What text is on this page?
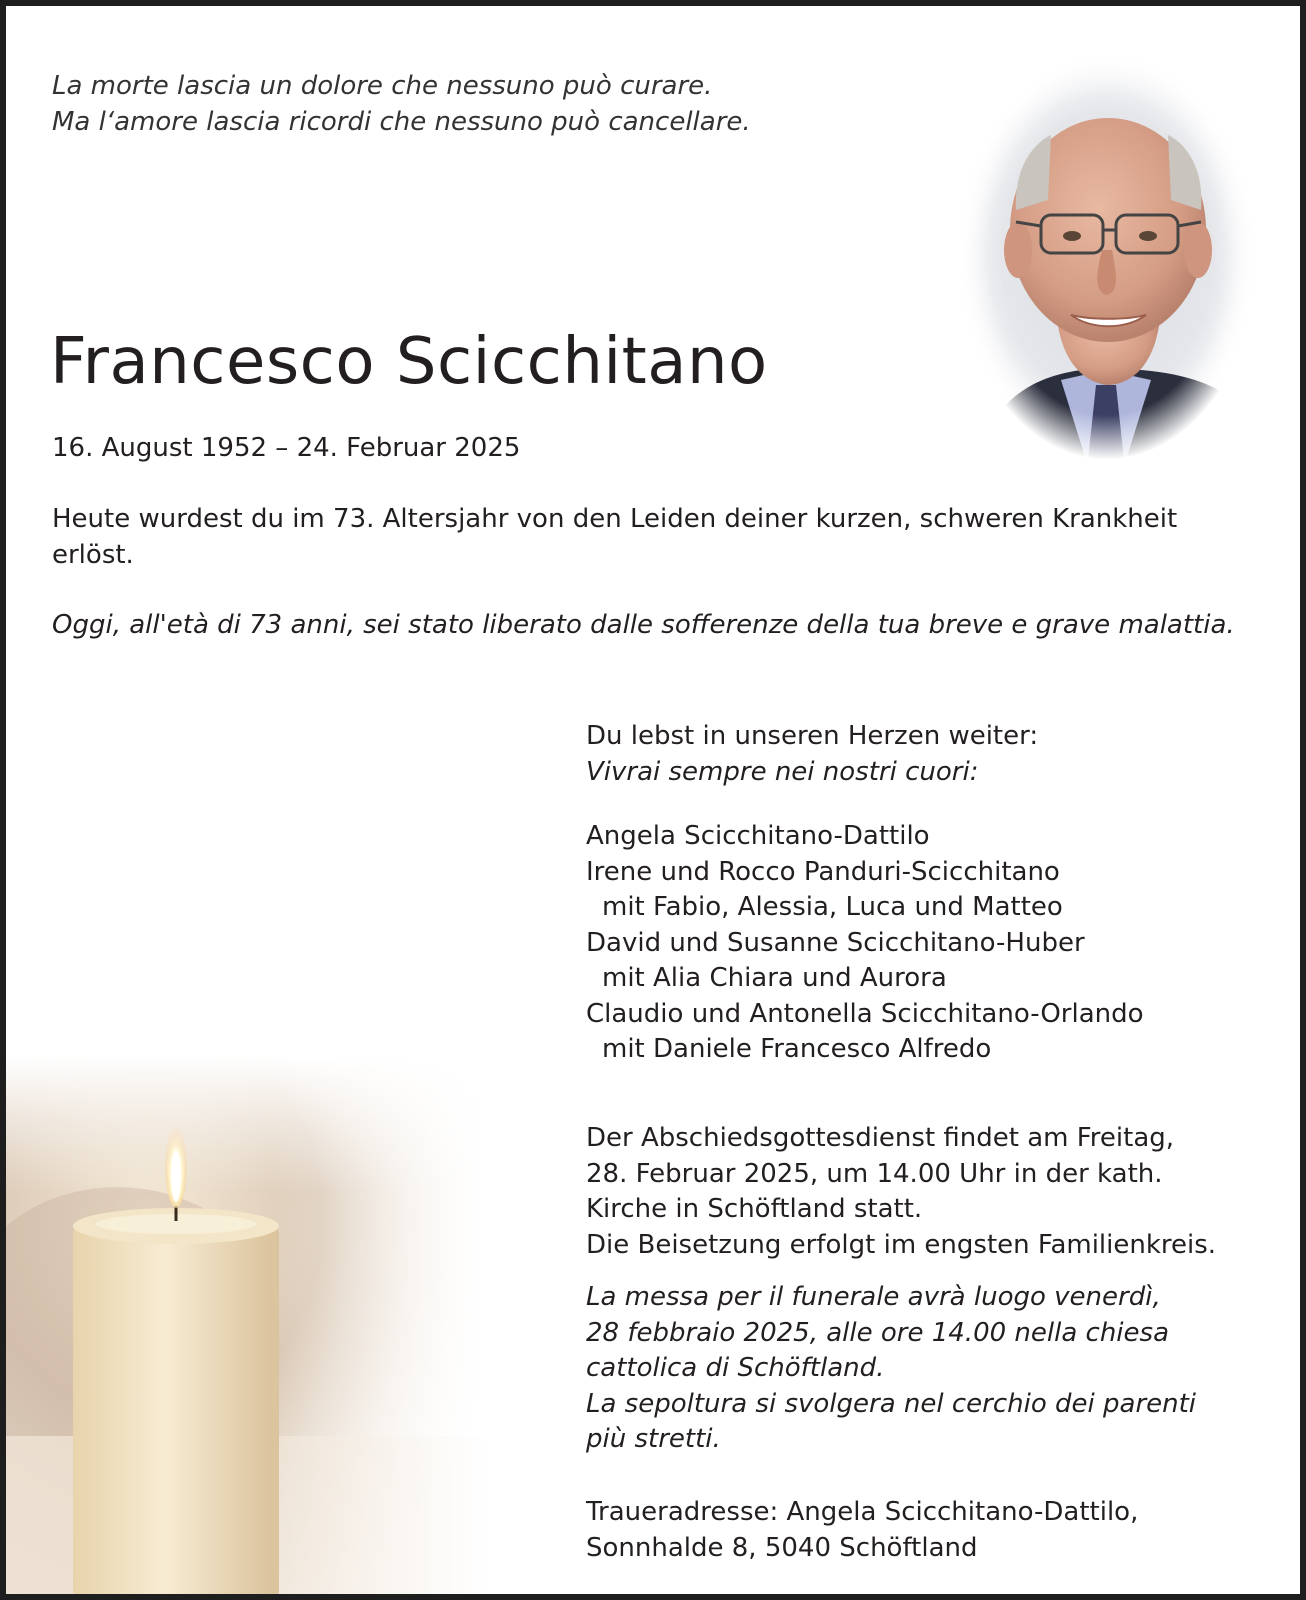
La morte lascia un dolore che nessuno può curare.
Ma l‘amore lascia ricordi che nessuno può cancellare.
Francesco Scicchitano
16. August 1952 – 24. Februar 2025
Heute wurdest du im 73. Altersjahr von den Leiden deiner kurzen, schweren Krankheit erlöst.
Oggi, all'età di 73 anni, sei stato liberato dalle sofferenze della tua breve e grave malattia.
Du lebst in unseren Herzen weiter:
Vivrai sempre nei nostri cuori:
Angela Scicchitano-Dattilo
Irene und Rocco Panduri-Scicchitano
mit Fabio, Alessia, Luca und Matteo
David und Susanne Scicchitano-Huber
mit Alia Chiara und Aurora
Claudio und Antonella Scicchitano-Orlando
mit Daniele Francesco Alfredo
Der Abschiedsgottesdienst findet am Freitag,
28. Februar 2025, um 14.00 Uhr in der kath.
Kirche in Schöftland statt.
Die Beisetzung erfolgt im engsten Familienkreis.
La messa per il funerale avrà luogo venerdì,
28 febbraio 2025, alle ore 14.00 nella chiesa
cattolica di Schöftland.
La sepoltura si svolgera nel cerchio dei parenti
più stretti.
Traueradresse: Angela Scicchitano-Dattilo,
Sonnhalde 8, 5040 Schöftland
